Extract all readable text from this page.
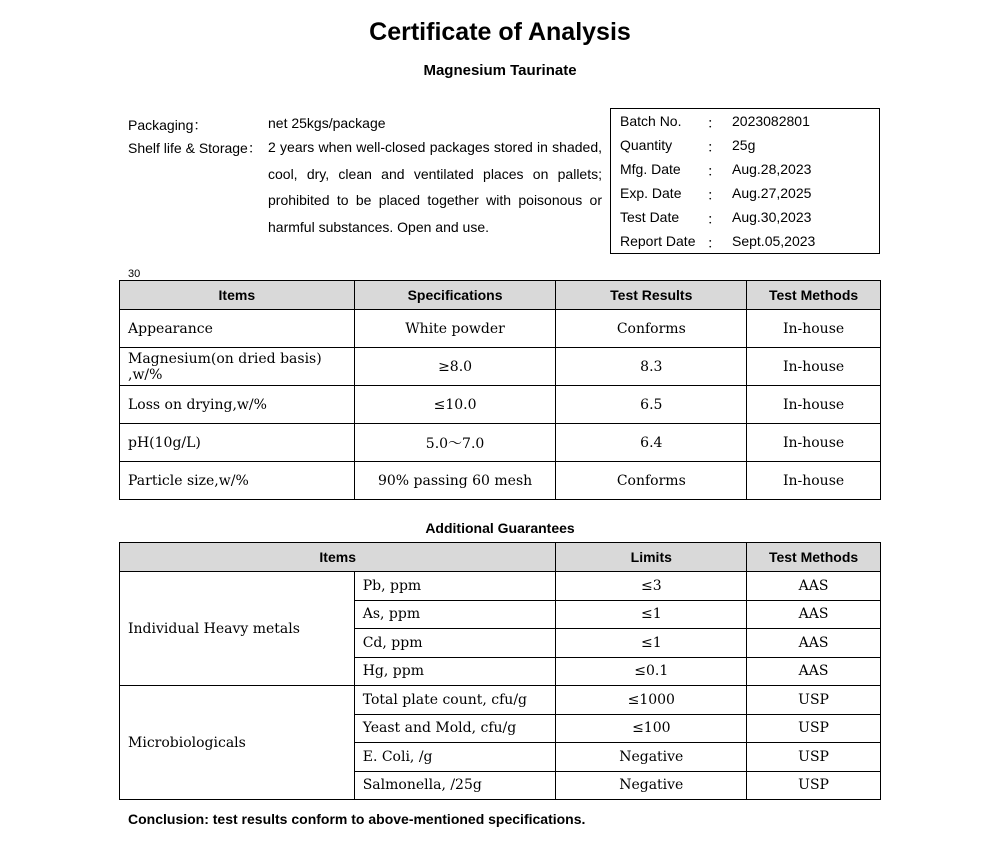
Certificate of Analysis
Magnesium Taurinate
Packaging：	net 25kgs/package
Shelf life & Storage： 2 years when well-closed packages stored in shaded, cool, dry, clean and ventilated places on pallets; prohibited to be placed together with poisonous or harmful substances. Open and use.
Batch No. ： 2023082801
Quantity ： 25g
Mfg. Date ： Aug.28,2023
Exp. Date ： Aug.27,2025
Test Date ： Aug.30,2023
Report Date ： Sept.05,2023
30
Items	Specifications	Test Results	Test Methods
Appearance	White powder	Conforms	In-house
Magnesium(on dried basis) ,w/%	≥8.0	8.3	In-house
Loss on drying,w/%	≤10.0	6.5	In-house
pH(10g/L)	5.0～7.0	6.4	In-house
Particle size,w/%	90% passing 60 mesh	Conforms	In-house
Additional Guarantees
Items		Limits	Test Methods
Individual Heavy metals	Pb, ppm	≤3	AAS
	As, ppm	≤1	AAS
	Cd, ppm	≤1	AAS
	Hg, ppm	≤0.1	AAS
Microbiologicals	Total plate count, cfu/g	≤1000	USP
	Yeast and Mold, cfu/g	≤100	USP
	E. Coli, /g	Negative	USP
	Salmonella, /25g	Negative	USP
Conclusion: test results conform to above-mentioned specifications.
